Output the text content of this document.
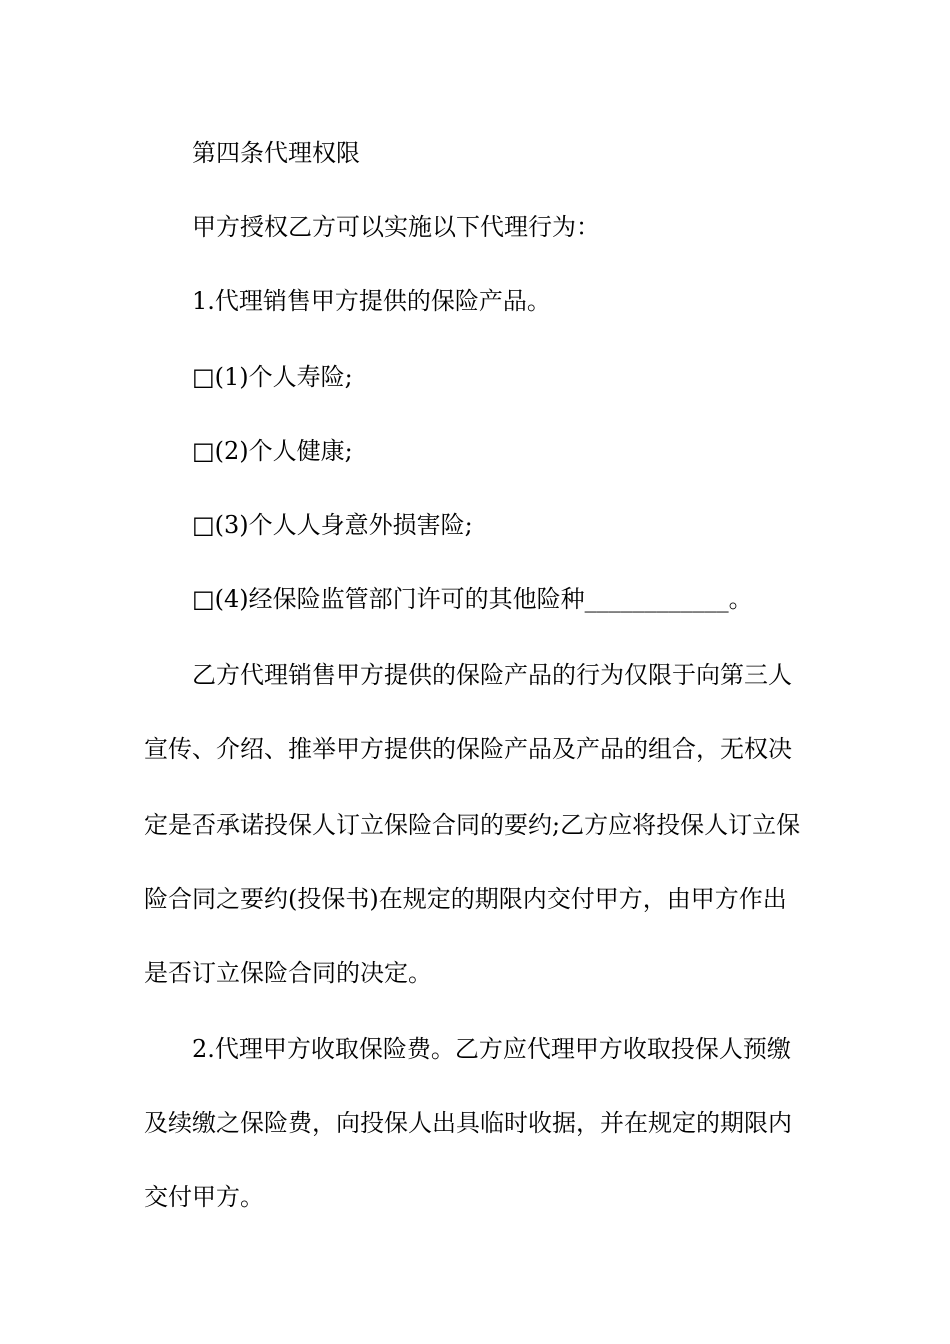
第四条代理权限
甲方授权乙方可以实施以下代理行为：
1.代理销售甲方提供的保险产品。
□(1)个人寿险;
□(2)个人健康;
□(3)个人人身意外损害险;
□(4)经保险监管部门许可的其他险种____________。
乙方代理销售甲方提供的保险产品的行为仅限于向第三人
宣传、介绍、推举甲方提供的保险产品及产品的组合，无权决
定是否承诺投保人订立保险合同的要约;乙方应将投保人订立保
险合同之要约(投保书)在规定的期限内交付甲方，由甲方作出
是否订立保险合同的决定。
2.代理甲方收取保险费。乙方应代理甲方收取投保人预缴
及续缴之保险费，向投保人出具临时收据，并在规定的期限内
交付甲方。
